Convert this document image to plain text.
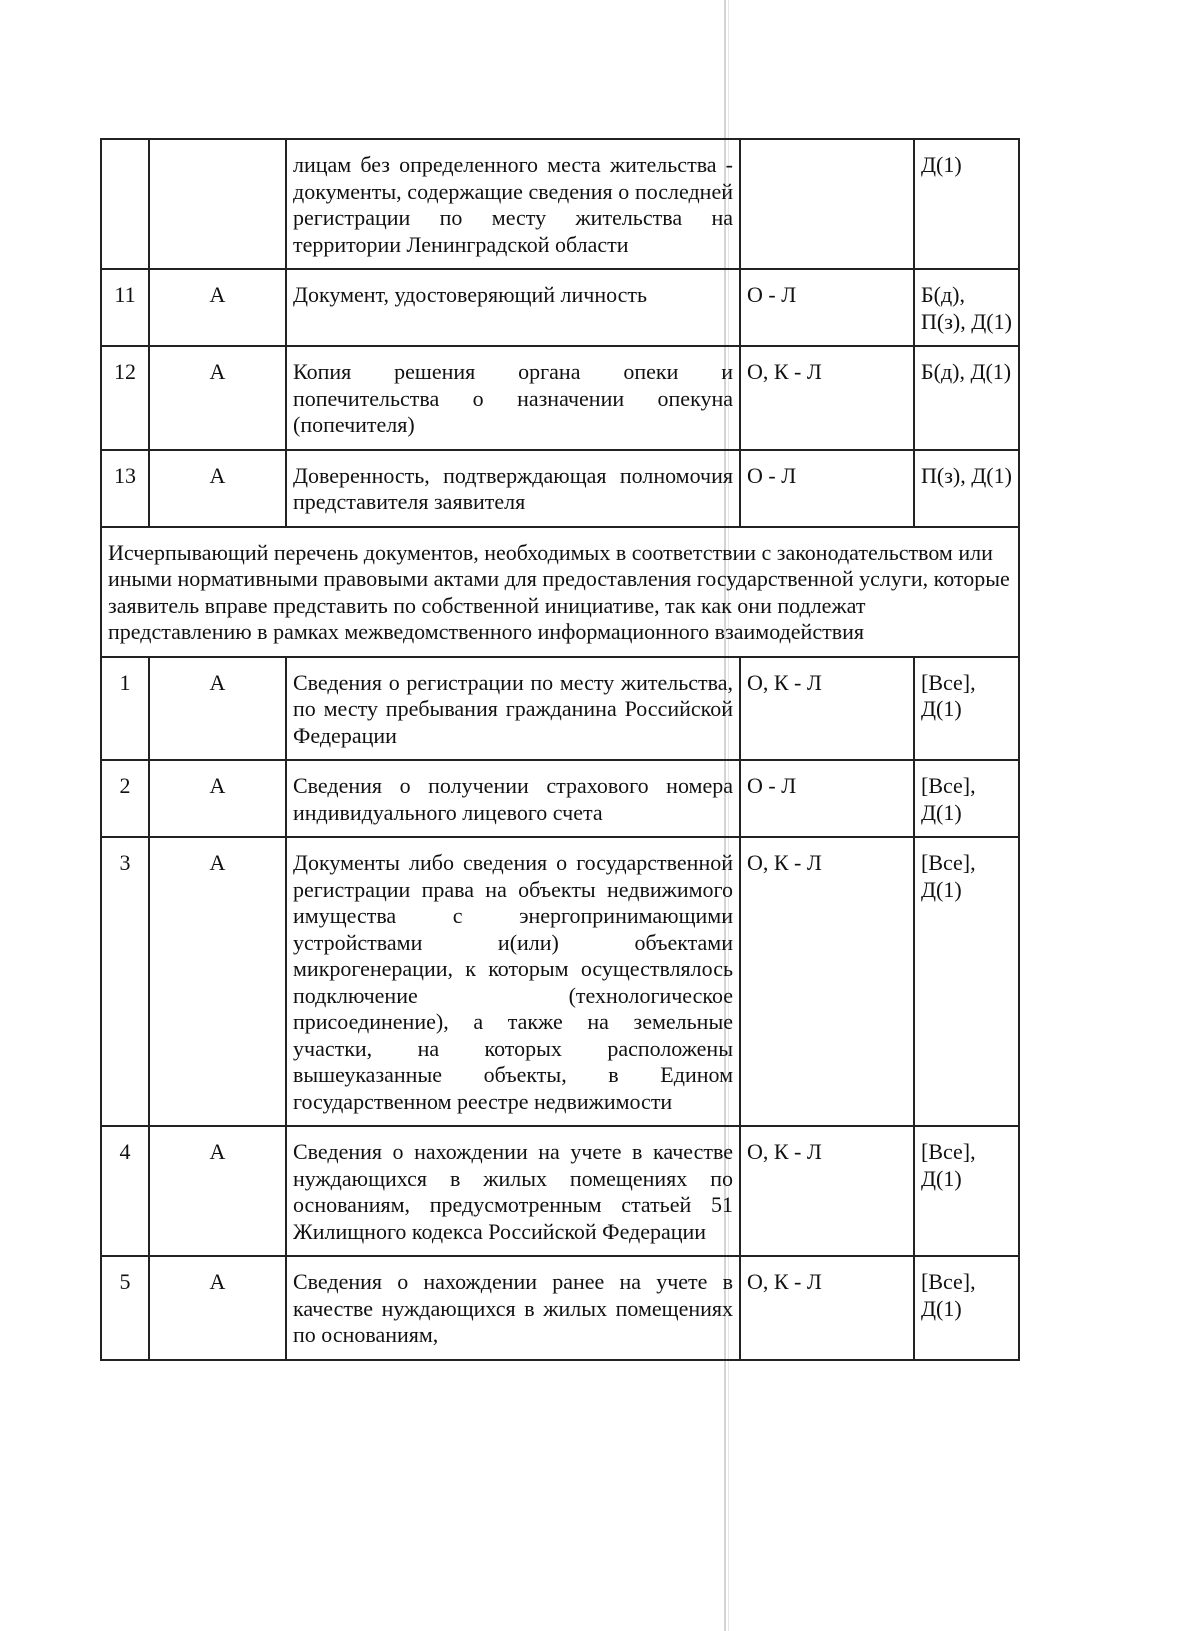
		лицам без определенного места жительства - документы, содержащие сведения о последней регистрации по месту жительства на территории Ленинградской области		Д(1)
11	А	Документ, удостоверяющий личность	О - Л	Б(д), П(з), Д(1)
12	А	Копия решения органа опеки и попечительства о назначении опекуна (попечителя)	О, К - Л	Б(д), Д(1)
13	А	Доверенность, подтверждающая полномочия представителя заявителя	О - Л	П(з), Д(1)
Исчерпывающий перечень документов, необходимых в соответствии с законодательством или иными нормативными правовыми актами для предоставления государственной услуги, которые заявитель вправе представить по собственной инициативе, так как они подлежат представлению в рамках межведомственного информационного взаимодействия				
1	А	Сведения о регистрации по месту жительства, по месту пребывания гражданина Российской Федерации	О, К - Л	[Все], Д(1)
2	А	Сведения о получении страхового номера индивидуального лицевого счета	О - Л	[Все], Д(1)
3	А	Документы либо сведения о государственной регистрации права на объекты недвижимого имущества с энергопринимающими устройствами и(или) объектами микрогенерации, к которым осуществлялось подключение (технологическое присоединение), а также на земельные участки, на которых расположены вышеуказанные объекты, в Едином государственном реестре недвижимости	О, К - Л	[Все], Д(1)
4	А	Сведения о нахождении на учете в качестве нуждающихся в жилых помещениях по основаниям, предусмотренным статьей 51 Жилищного кодекса Российской Федерации	О, К - Л	[Все], Д(1)
5	А	Сведения о нахождении ранее на учете в качестве нуждающихся в жилых помещениях по основаниям,	О, К - Л	[Все], Д(1)
